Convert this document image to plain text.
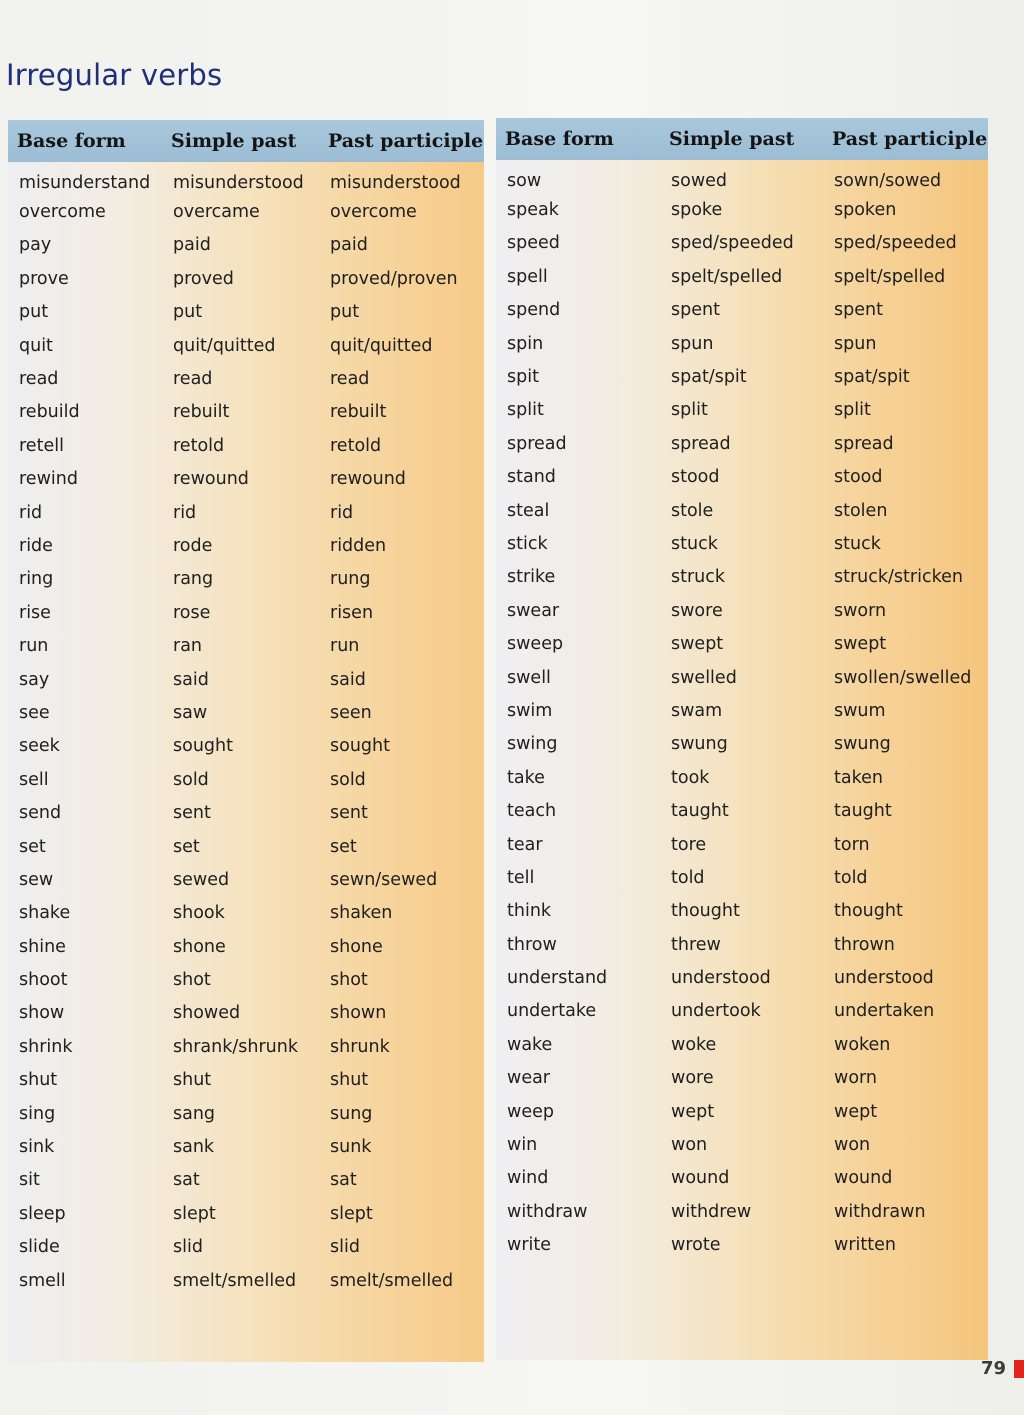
Irregular verbs
Base form	Simple past	Past participle
misunderstand	misunderstood	misunderstood
overcome	overcame	overcome
pay	paid	paid
prove	proved	proved/proven
put	put	put
quit	quit/quitted	quit/quitted
read	read	read
rebuild	rebuilt	rebuilt
retell	retold	retold
rewind	rewound	rewound
rid	rid	rid
ride	rode	ridden
ring	rang	rung
rise	rose	risen
run	ran	run
say	said	said
see	saw	seen
seek	sought	sought
sell	sold	sold
send	sent	sent
set	set	set
sew	sewed	sewn/sewed
shake	shook	shaken
shine	shone	shone
shoot	shot	shot
show	showed	shown
shrink	shrank/shrunk	shrunk
shut	shut	shut
sing	sang	sung
sink	sank	sunk
sit	sat	sat
sleep	slept	slept
slide	slid	slid
smell	smelt/smelled	smelt/smelled

Base form	Simple past	Past participle
sow	sowed	sown/sowed
speak	spoke	spoken
speed	sped/speeded	sped/speeded
spell	spelt/spelled	spelt/spelled
spend	spent	spent
spin	spun	spun
spit	spat/spit	spat/spit
split	split	split
spread	spread	spread
stand	stood	stood
steal	stole	stolen
stick	stuck	stuck
strike	struck	struck/stricken
swear	swore	sworn
sweep	swept	swept
swell	swelled	swollen/swelled
swim	swam	swum
swing	swung	swung
take	took	taken
teach	taught	taught
tear	tore	torn
tell	told	told
think	thought	thought
throw	threw	thrown
understand	understood	understood
undertake	undertook	undertaken
wake	woke	woken
wear	wore	worn
weep	wept	wept
win	won	won
wind	wound	wound
withdraw	withdrew	withdrawn
write	wrote	written

79
